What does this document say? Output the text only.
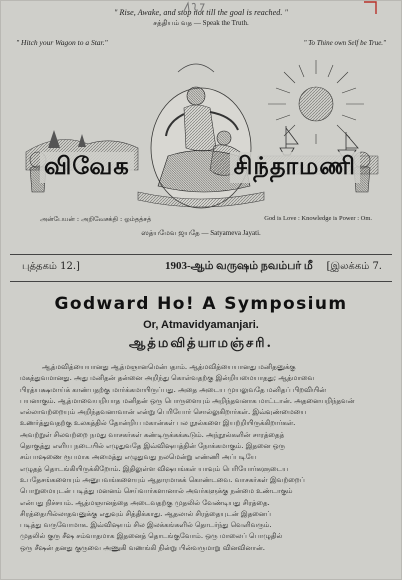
" Rise, Awake, and stop not till the goal is reached. "
சத்தியம் வத — Speak the Truth.
" Hitch your Wagon to a Star."	" To Thine own Self be True."
விவேக	சிந்தாமணி
அன்பேயன் : அறிவேசக்தி : ஓம்தத்சத்	God is Love : Knowledge is Power : Om.
ஸத்யமேவ ஜயதே — Satyameva Jayati.
புத்தகம் 12.]	1903-ஆம் வருஷம் நவம்பர் மீ [இலக்கம் 7.
Godward Ho! A Symposium
Or, Atmavidyamanjari.
ஆத்மவித்யாமஞ்சரி.

ஆத்மவித்யையானது ஆத்மஞானமென்பதாம். ஆத்மவித்யையானது மனிதனுக்கு

மகத்துவமானது. அது மனிதன் தன்னை அறிந்து கொள்வதற்கு இன்றியமையாதது; ஆத்மாவை

பிரத்யக்ஷமாய்க் காண்பதற்கு மார்க்கமாயிருப்பது. அதை அடைய முயலுவதே மனிதப் பிறவியின்

பயனாகும். ஆத்மாவையறியாத மனிதன் ஒரு பொருளையும் அறிந்தவனாக மாட்டான். அதனையறிந்தவன்

எல்லாவற்றையும் அறிந்தவனாவான் என்று பெரியோர் சொல்லுகிறார்கள். இவ்வுண்மையை

உணர்த்துவதற்கு உலகத்தில் தோன்றிய மகான்கள் பல நூல்களை இயற்றியிருக்கிறார்கள்.

அவற்றுள் சிலவற்றை நமது வாசகர்கள் கண்டிருக்கக்கூடும். அந்நூல்களின் சாரத்தைத்

தொகுத்து எளிய நடையில் எழுதுவதே இவ்விஷயத்தின் நோக்கமாகும். இதனை ஒரு

சம்பாஷணை ரூபமாக அமைத்து எழுதுவது நலமென்று எண்ணி அப்படியே

எழுதத் தொடங்கியிருக்கிறோம். இதிலுள்ள விஷயங்கள் யாவும் பெரியோர்களுடைய

உபதேசங்களையும் அனுபவங்களையும் ஆதாரமாகக் கொண்டவை. வாசகர்கள் இவற்றைப்

பொறுமையுடன் படித்து மனனம் செய்வார்களானால் அவர்களுக்கு நன்மை உண்டாகும்

என்பது நிச்சயம். ஆத்மஞானத்தை அடைவதற்கு முதலில் வேண்டியது சிரத்தை.

சிரத்தையில்லாதவனுக்கு எதுவும் சித்திக்காது. ஆதலால் சிரத்தையுடன் இதனைப்

படித்து வருவோமாக. இவ்விஷயம் சில இலக்கங்களில் தொடர்ந்து வெளிவரும்.

முதலில் குரு சீஷ சம்வாதமாக இதனைத் தொடங்குவோம். ஒரு மாலைப் பொழுதில்

ஒரு சீஷன் தனது குருவை அணுகி வணங்கி நின்று பின்வருமாறு வினவினான்.
